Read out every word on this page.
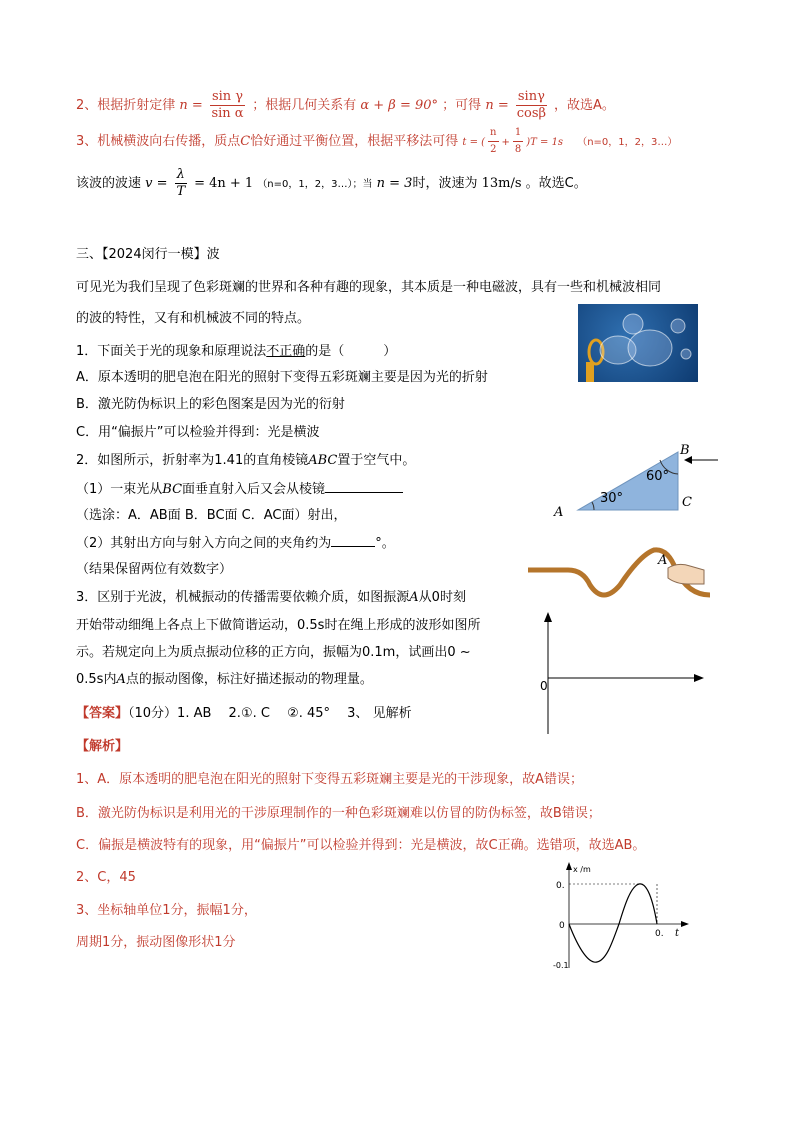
2、根据折射定律 $n = \frac{\text{sin γ}}{\text{sin α}}$ ；根据几何关系有 α + β = 90° ；可得 $n = \frac{\sin\gamma}{\cos\beta}$ ，故选A。
3、机械横波向右传播，质点C恰好通过平衡位置，根据平移法可得 t = ( $\frac{n}{2} + \frac{1}{8} )T = 1s$ （n=0，1，2，3…）
该波的波速 $v = \frac{\lambda}{T} = 4n + 1$ （n=0，1，2，3…）；当 n = 3时，波速为 13m/s 。故选C。
三、【2024闵行一模】波
可见光为我们呈现了色彩斑斓的世界和各种有趣的现象，其本质是一种电磁波，具有一些和机械波相同
的波的特性，又有和机械波不同的特点。
1．下面关于光的现象和原理说法不正确的是（　　　）
A．原本透明的肥皂泡在阳光的照射下变得五彩斑斓主要是因为光的折射
B．激光防伪标识上的彩色图案是因为光的衍射
C．用“偏振片”可以检验并得到：光是横波
2．如图所示，折射率为1.41的直角棱镜ABC置于空气中。
（1）一束光从BC面垂直射入后又会从棱镜
（选涂：A．AB面 B．BC面 C．AC面）射出，
（2）其射出方向与射入方向之间的夹角约为	°。
（结果保留两位有效数字）
3．区别于光波，机械振动的传播需要依赖介质，如图振源A从0时刻
开始带动细绳上各点上下做简谐运动，0.5s时在绳上形成的波形如图所
示。若规定向上为质点振动位移的正方向，振幅为0.1m，试画出0 ~
0.5s内A点的振动图像，标注好描述振动的物理量。
【答案】（10分）1. AB　 2.①. C　 ②. 45°　 3、 见解析
【解析】
1、A．原本透明的肥皂泡在阳光的照射下变得五彩斑斓主要是光的干涉现象，故A错误；
B．激光防伪标识是利用光的干涉原理制作的一种色彩斑斓难以仿冒的防伪标签，故B错误；
C．偏振是横波特有的现象，用“偏振片”可以检验并得到：光是横波，故C正确。选错项，故选AB。
2、C，45
3、坐标轴单位1分，振幅1分，
周期1分，振动图像形状1分
60°
30°
B
A
C
A
0
x /m
0.
0
0. t
-0.1
